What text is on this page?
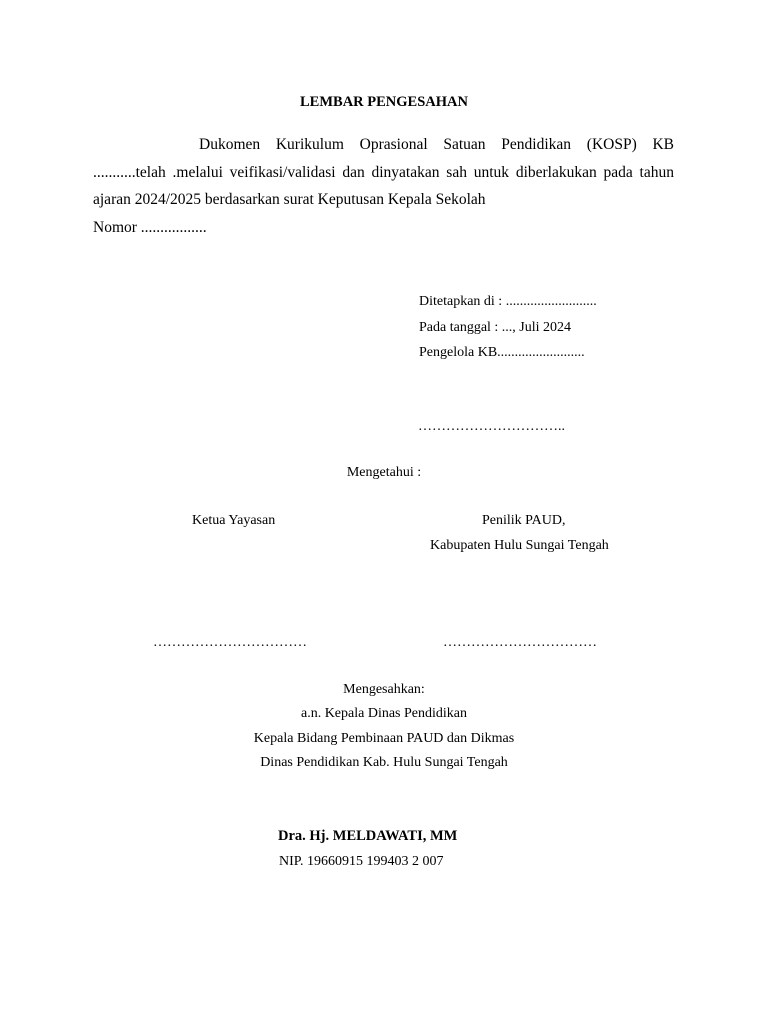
LEMBAR PENGESAHAN
Dukomen Kurikulum Oprasional Satuan Pendidikan (KOSP) KB ...........telah .melalui veifikasi/validasi dan dinyatakan sah untuk diberlakukan pada tahun ajaran 2024/2025 berdasarkan surat Keputusan Kepala Sekolah
Nomor .................
Ditetapkan di : ..........................
Pada tanggal : ..., Juli 2024
Pengelola KB.........................
…………………………..
Mengetahui :
Ketua Yayasan	Penilik PAUD,
Kabupaten Hulu Sungai Tengah
……………………………	……………………………
Mengesahkan:
a.n. Kepala Dinas Pendidikan
Kepala Bidang Pembinaan PAUD dan Dikmas
Dinas Pendidikan Kab. Hulu Sungai Tengah
Dra. Hj. MELDAWATI, MM
NIP. 19660915 199403 2 007
